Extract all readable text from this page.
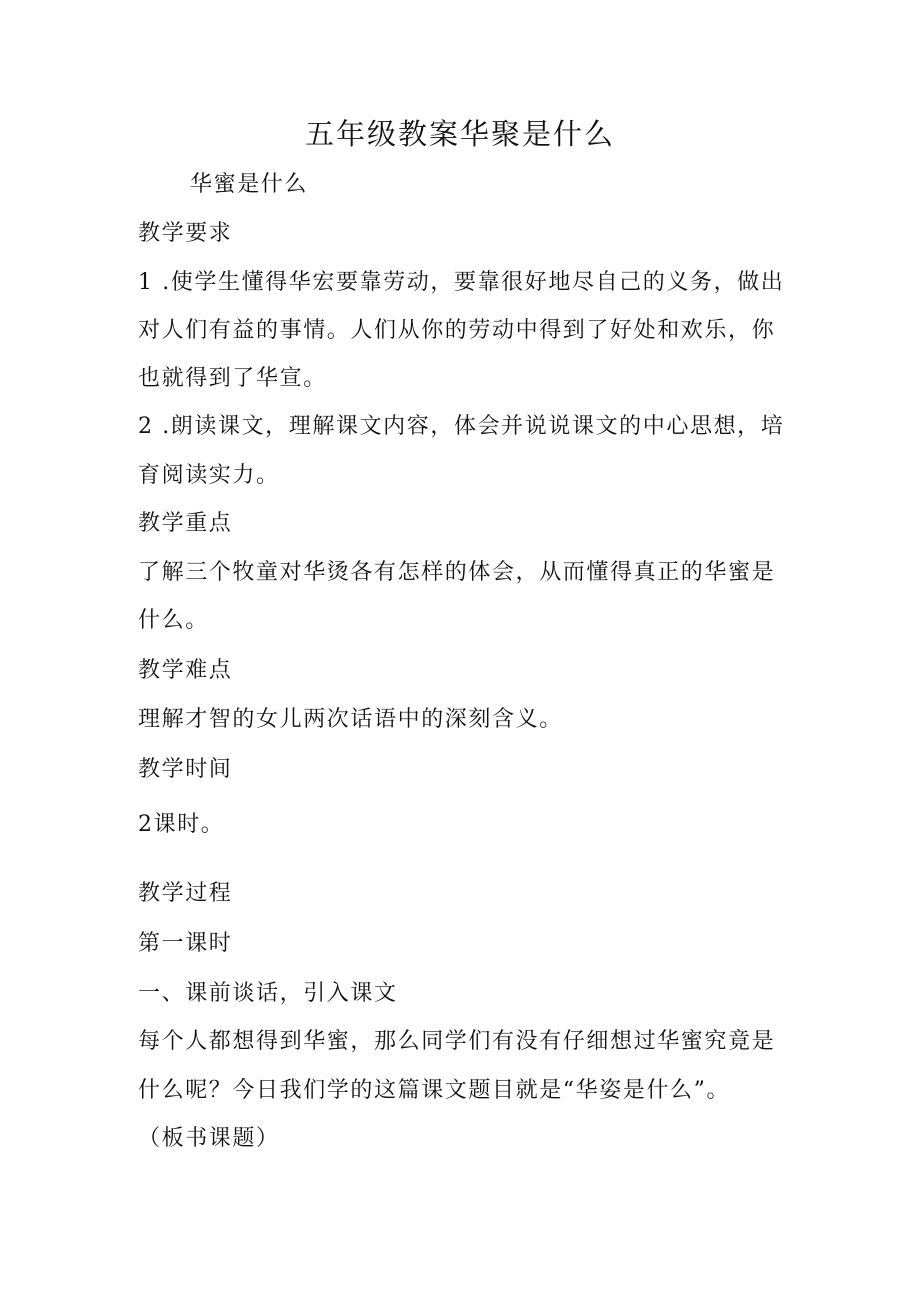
五年级教案华聚是什么
华蜜是什么
教学要求
1 .使学生懂得华宏要靠劳动，要靠很好地尽自己的义务，做出
对人们有益的事情。人们从你的劳动中得到了好处和欢乐，你
也就得到了华宣。
2 .朗读课文，理解课文内容，体会并说说课文的中心思想，培
育阅读实力。
教学重点
了解三个牧童对华烫各有怎样的体会，从而懂得真正的华蜜是
什么。
教学难点
理解才智的女儿两次话语中的深刻含义。
教学时间
2课时。
教学过程
第一课时
一、课前谈话，引入课文
每个人都想得到华蜜，那么同学们有没有仔细想过华蜜究竟是
什么呢？今日我们学的这篇课文题目就是“华姿是什么”。
（板书课题）
